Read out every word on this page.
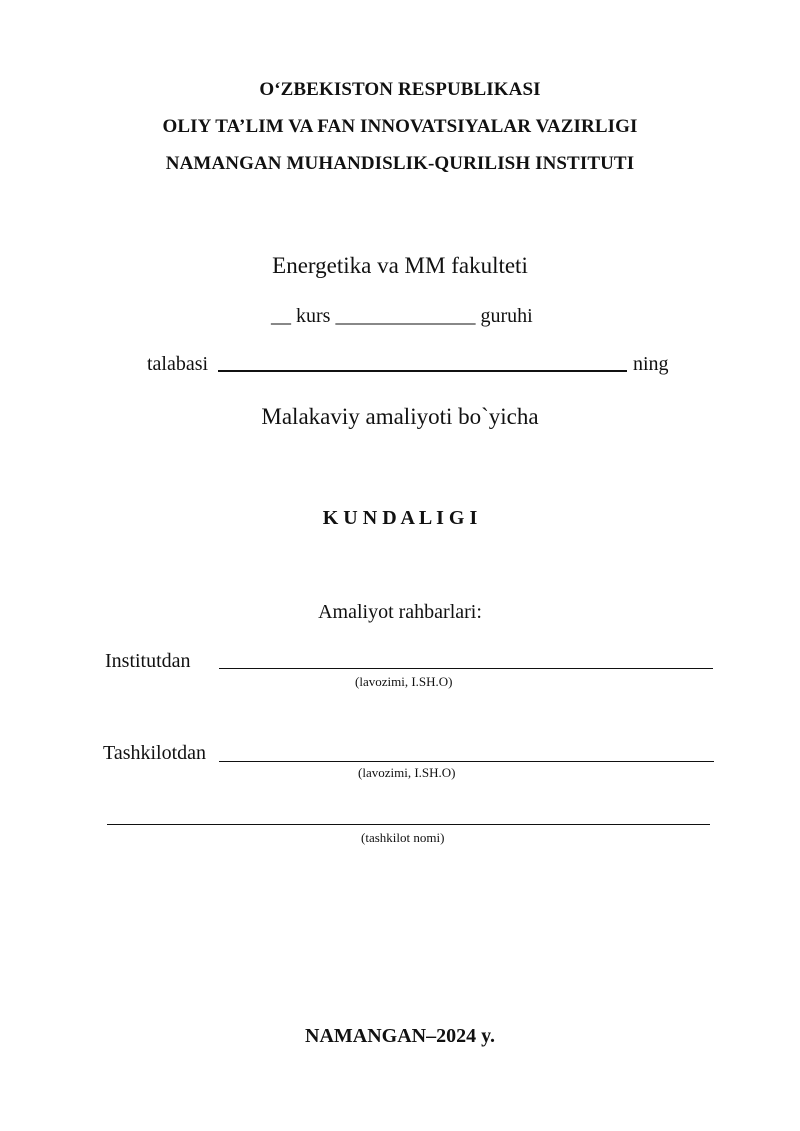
O‘ZBEKISTON RESPUBLIKASI
OLIY TA’LIM VA FAN INNOVATSIYALAR VAZIRLIGI
NAMANGAN MUHANDISLIK-QURILISH INSTITUTI
Energetika va MM fakulteti
__ kurs ______________ guruhi
talabasi	ning
Malakaviy amaliyoti bo`yicha
K U N D A L I G I
Amaliyot rahbarlari:
Institutdan
(lavozimi, I.SH.O)
Tashkilotdan
(lavozimi, I.SH.O)
(tashkilot nomi)
NAMANGAN–2024 y.
